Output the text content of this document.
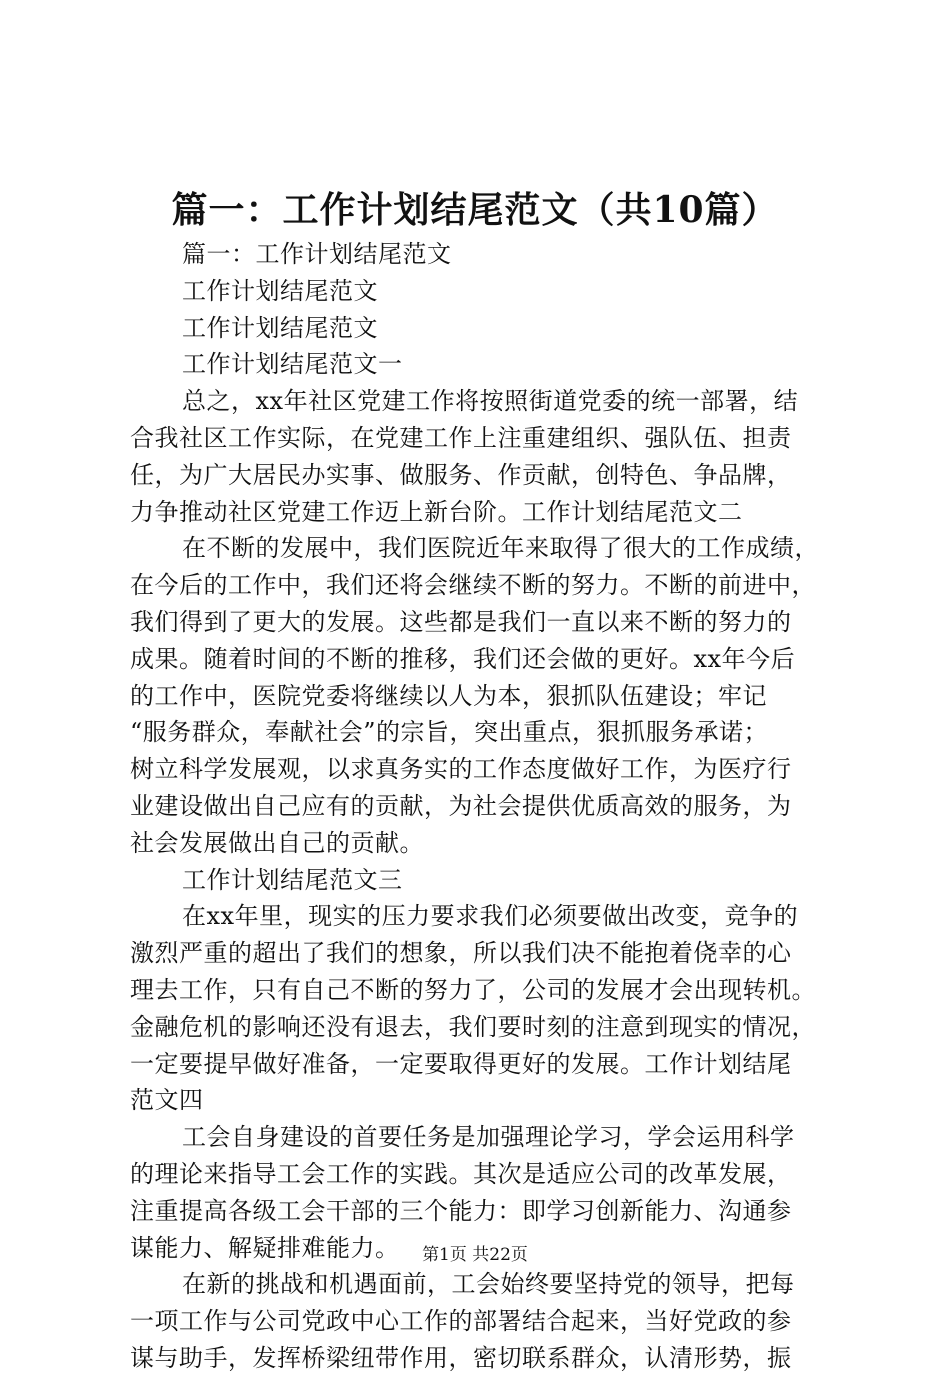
篇一：工作计划结尾范文（共10篇）
篇一：工作计划结尾范文
工作计划结尾范文
工作计划结尾范文
工作计划结尾范文一
总之，xx年社区党建工作将按照街道党委的统一部署，结
合我社区工作实际，在党建工作上注重建组织、强队伍、担责
任，为广大居民办实事、做服务、作贡献，创特色、争品牌，
力争推动社区党建工作迈上新台阶。工作计划结尾范文二
在不断的发展中，我们医院近年来取得了很大的工作成绩，
在今后的工作中，我们还将会继续不断的努力。不断的前进中，
我们得到了更大的发展。这些都是我们一直以来不断的努力的
成果。随着时间的不断的推移，我们还会做的更好。xx年今后
的工作中，医院党委将继续以人为本，狠抓队伍建设；牢记
“服务群众，奉献社会”的宗旨，突出重点，狠抓服务承诺；
树立科学发展观，以求真务实的工作态度做好工作，为医疗行
业建设做出自己应有的贡献，为社会提供优质高效的服务，为
社会发展做出自己的贡献。
工作计划结尾范文三
在xx年里，现实的压力要求我们必须要做出改变，竞争的
激烈严重的超出了我们的想象，所以我们决不能抱着侥幸的心
理去工作，只有自己不断的努力了，公司的发展才会出现转机。
金融危机的影响还没有退去，我们要时刻的注意到现实的情况，
一定要提早做好准备，一定要取得更好的发展。工作计划结尾
范文四
工会自身建设的首要任务是加强理论学习，学会运用科学
的理论来指导工会工作的实践。其次是适应公司的改革发展，
注重提高各级工会干部的三个能力：即学习创新能力、沟通参
谋能力、解疑排难能力。
在新的挑战和机遇面前，工会始终要坚持党的领导，把每
一项工作与公司党政中心工作的部署结合起来，当好党政的参
谋与助手，发挥桥梁纽带作用，密切联系群众，认清形势，振
第1页 共22页
